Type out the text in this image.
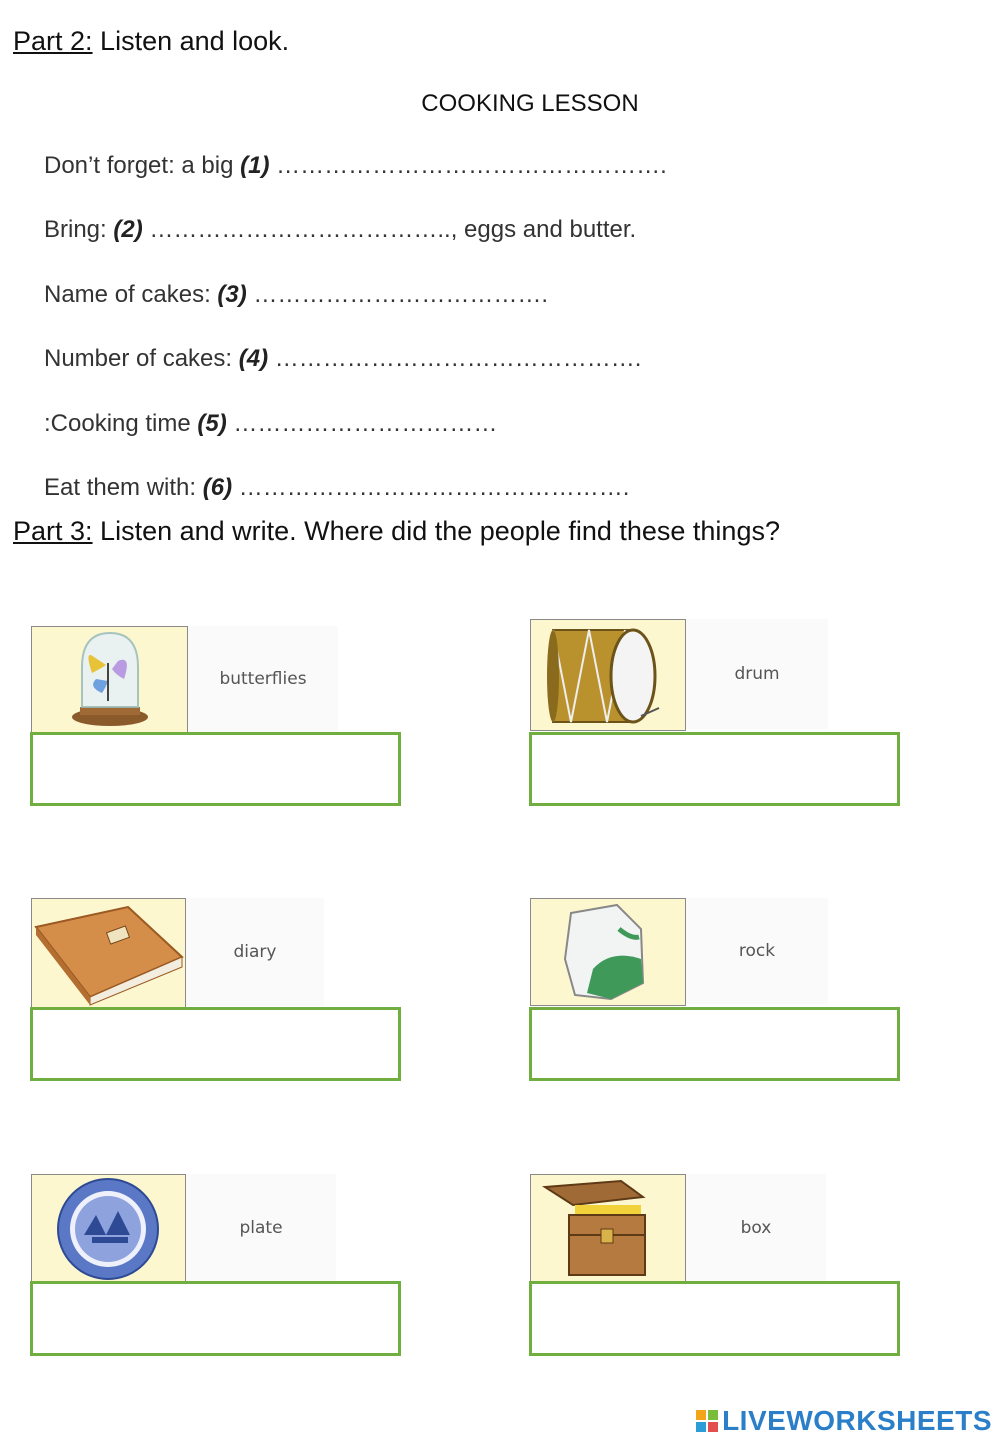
Part 2: Listen and look.
COOKING LESSON
Don’t forget: a big (1) ………………………………………….
Bring: (2) ……………………………….., eggs and butter.
Name of cakes: (3) ……………………………….
Number of cakes: (4) ……………………………………….
:Cooking time (5) ……………………………
Eat them with: (6) ………………………………………….
Part 3: Listen and write. Where did the people find these things?
butterflies	drum
diary	rock
plate	box
LIVEWORKSHEETS
